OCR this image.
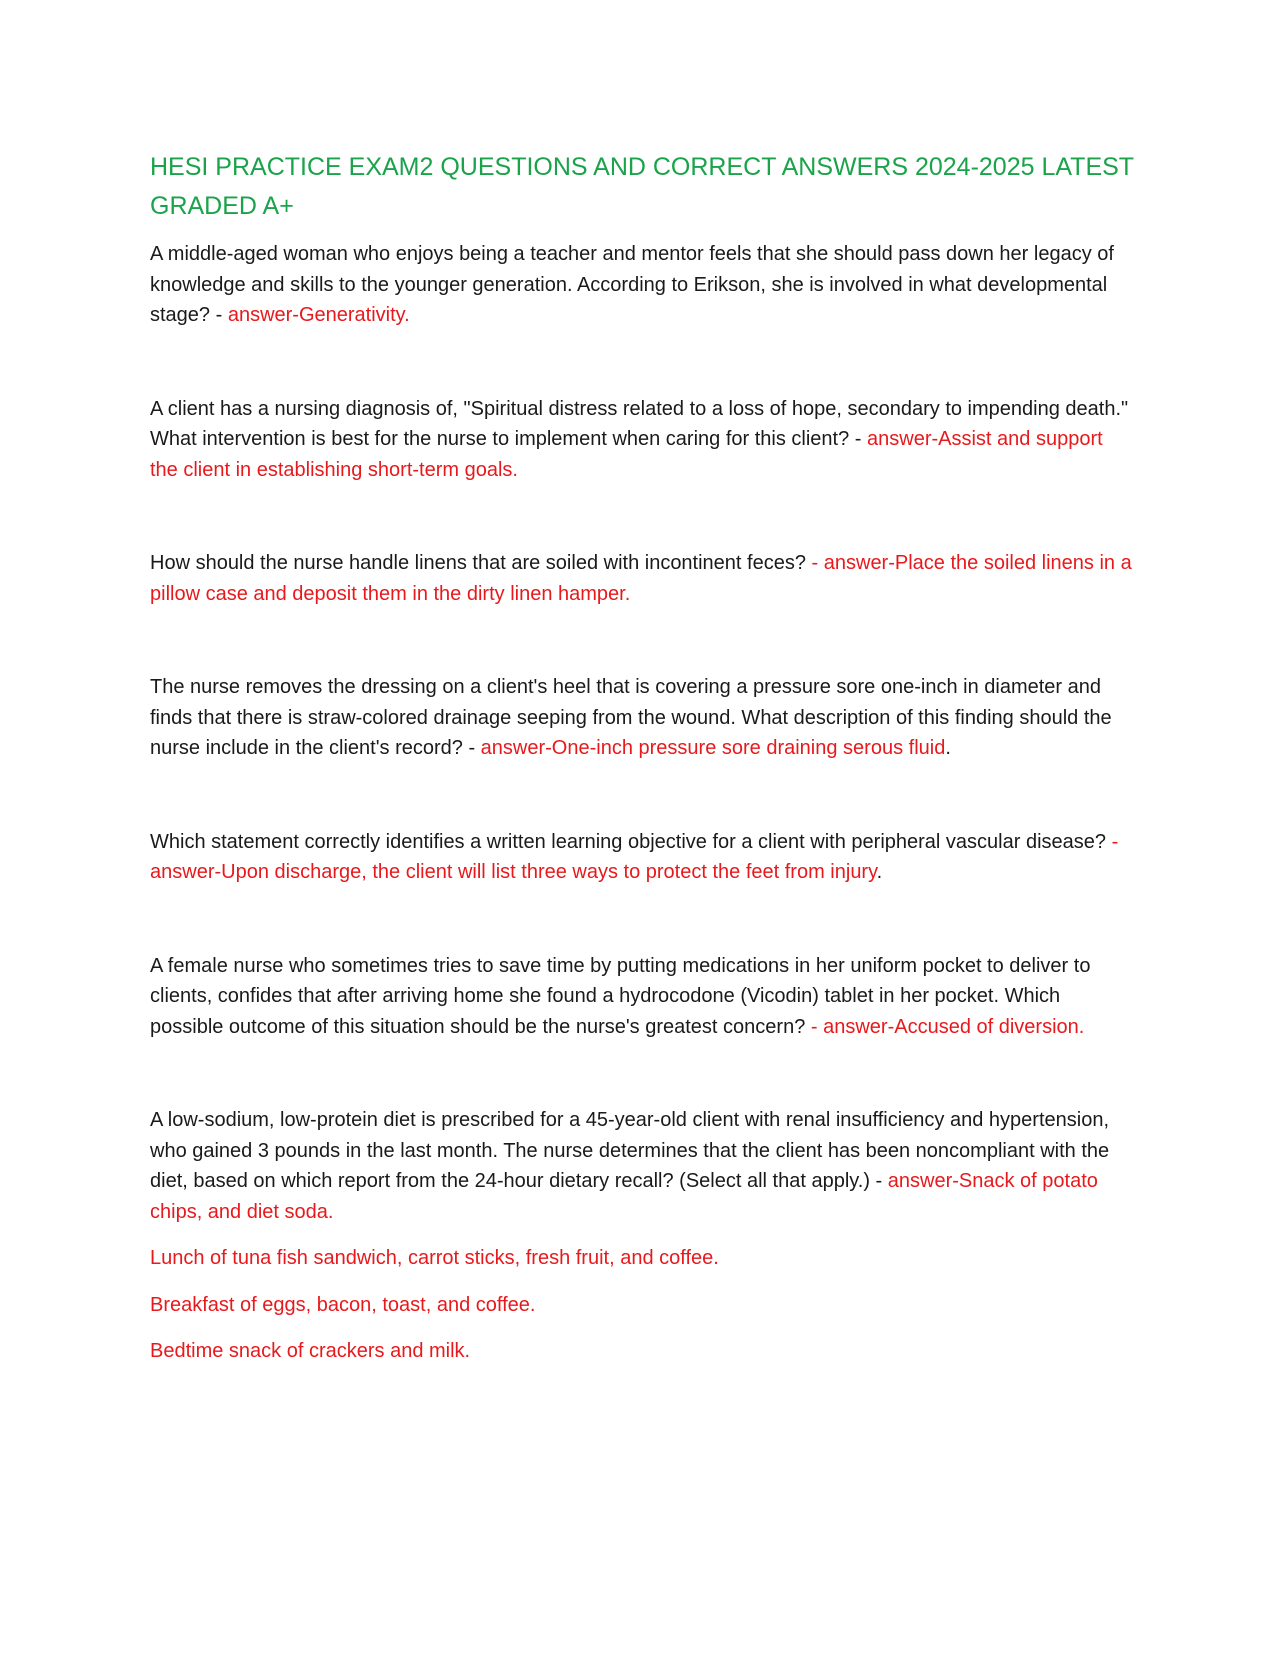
HESI PRACTICE EXAM2 QUESTIONS AND CORRECT ANSWERS 2024-2025 LATEST GRADED A+

A middle-aged woman who enjoys being a teacher and mentor feels that she should pass down her legacy of knowledge and skills to the younger generation. According to Erikson, she is involved in what developmental stage? - answer-Generativity.

A client has a nursing diagnosis of, "Spiritual distress related to a loss of hope, secondary to impending death." What intervention is best for the nurse to implement when caring for this client? - answer-Assist and support the client in establishing short-term goals.

How should the nurse handle linens that are soiled with incontinent feces? - answer-Place the soiled linens in a pillow case and deposit them in the dirty linen hamper.

The nurse removes the dressing on a client's heel that is covering a pressure sore one-inch in diameter and finds that there is straw-colored drainage seeping from the wound. What description of this finding should the nurse include in the client's record? - answer-One-inch pressure sore draining serous fluid.

Which statement correctly identifies a written learning objective for a client with peripheral vascular disease? - answer-Upon discharge, the client will list three ways to protect the feet from injury.

A female nurse who sometimes tries to save time by putting medications in her uniform pocket to deliver to clients, confides that after arriving home she found a hydrocodone (Vicodin) tablet in her pocket. Which possible outcome of this situation should be the nurse's greatest concern? - answer-Accused of diversion.

A low-sodium, low-protein diet is prescribed for a 45-year-old client with renal insufficiency and hypertension, who gained 3 pounds in the last month. The nurse determines that the client has been noncompliant with the diet, based on which report from the 24-hour dietary recall? (Select all that apply.) - answer-Snack of potato chips, and diet soda.

Lunch of tuna fish sandwich, carrot sticks, fresh fruit, and coffee.

Breakfast of eggs, bacon, toast, and coffee.

Bedtime snack of crackers and milk.
